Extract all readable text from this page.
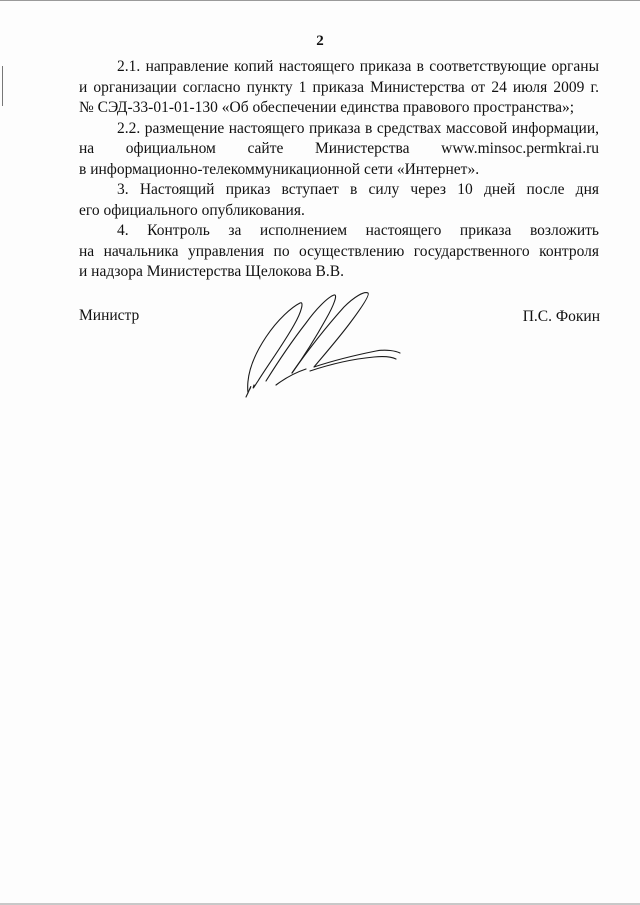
2

2.1. направление копий настоящего приказа в соответствующие органы
и организации согласно пункту 1 приказа Министерства от 24 июля 2009 г.
№ СЭД-33-01-01-130 «Об обеспечении единства правового пространства»;

2.2. размещение настоящего приказа в средствах массовой информации,
на официальном сайте Министерства www.minsoc.permkrai.ru
в информационно-телекоммуникационной сети «Интернет».

3. Настоящий приказ вступает в силу через 10 дней после дня
его официального опубликования.

4. Контроль за исполнением настоящего приказа возложить
на начальника управления по осуществлению государственного контроля
и надзора Министерства Щелокова В.В.

Министр	П.С. Фокин
